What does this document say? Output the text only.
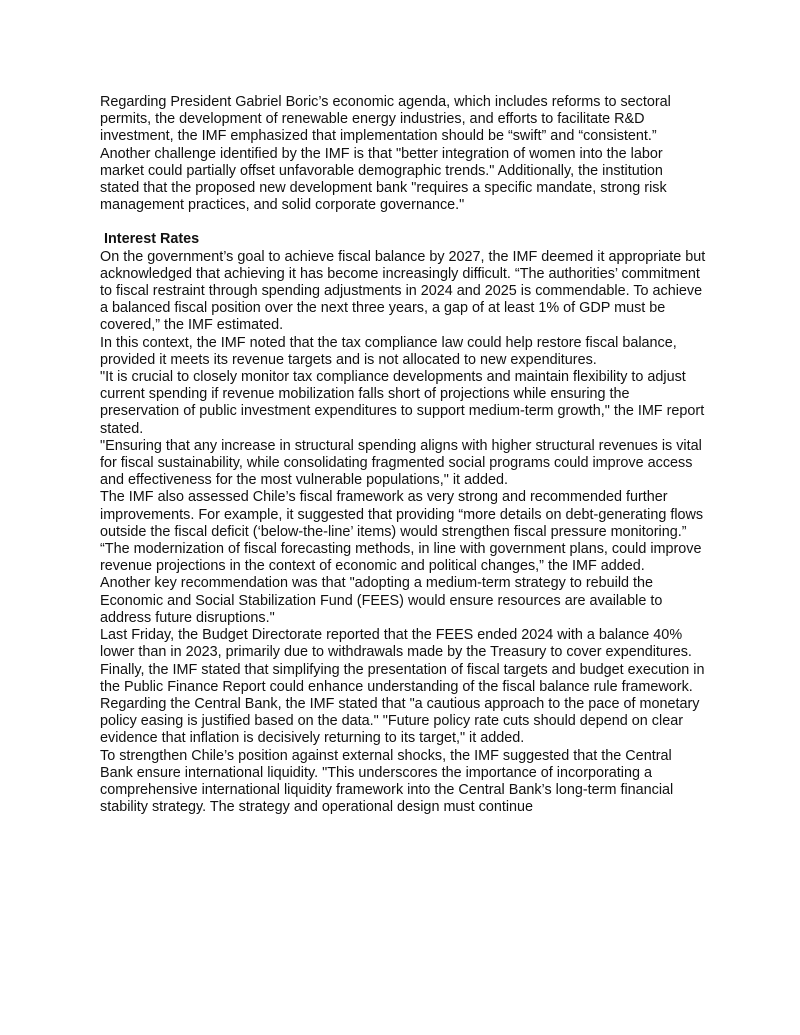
Regarding President Gabriel Boric’s economic agenda, which includes reforms to sectoral permits, the development of renewable energy industries, and efforts to facilitate R&D investment, the IMF emphasized that implementation should be “swift” and “consistent.”

Another challenge identified by the IMF is that "better integration of women into the labor market could partially offset unfavorable demographic trends." Additionally, the institution stated that the proposed new development bank "requires a specific mandate, strong risk management practices, and solid corporate governance."

Interest Rates

On the government’s goal to achieve fiscal balance by 2027, the IMF deemed it appropriate but acknowledged that achieving it has become increasingly difficult. “The authorities’ commitment to fiscal restraint through spending adjustments in 2024 and 2025 is commendable. To achieve a balanced fiscal position over the next three years, a gap of at least 1% of GDP must be covered,” the IMF estimated.

In this context, the IMF noted that the tax compliance law could help restore fiscal balance, provided it meets its revenue targets and is not allocated to new expenditures.

"It is crucial to closely monitor tax compliance developments and maintain flexibility to adjust current spending if revenue mobilization falls short of projections while ensuring the preservation of public investment expenditures to support medium-term growth," the IMF report stated.

"Ensuring that any increase in structural spending aligns with higher structural revenues is vital for fiscal sustainability, while consolidating fragmented social programs could improve access and effectiveness for the most vulnerable populations," it added.

The IMF also assessed Chile’s fiscal framework as very strong and recommended further improvements. For example, it suggested that providing “more details on debt-generating flows outside the fiscal deficit (‘below-the-line’ items) would strengthen fiscal pressure monitoring.”

“The modernization of fiscal forecasting methods, in line with government plans, could improve revenue projections in the context of economic and political changes,” the IMF added.

Another key recommendation was that "adopting a medium-term strategy to rebuild the Economic and Social Stabilization Fund (FEES) would ensure resources are available to address future disruptions."

Last Friday, the Budget Directorate reported that the FEES ended 2024 with a balance 40% lower than in 2023, primarily due to withdrawals made by the Treasury to cover expenditures.

Finally, the IMF stated that simplifying the presentation of fiscal targets and budget execution in the Public Finance Report could enhance understanding of the fiscal balance rule framework.

Regarding the Central Bank, the IMF stated that "a cautious approach to the pace of monetary policy easing is justified based on the data." "Future policy rate cuts should depend on clear evidence that inflation is decisively returning to its target," it added.

To strengthen Chile’s position against external shocks, the IMF suggested that the Central Bank ensure international liquidity. "This underscores the importance of incorporating a comprehensive international liquidity framework into the Central Bank’s long-term financial stability strategy. The strategy and operational design must continue
